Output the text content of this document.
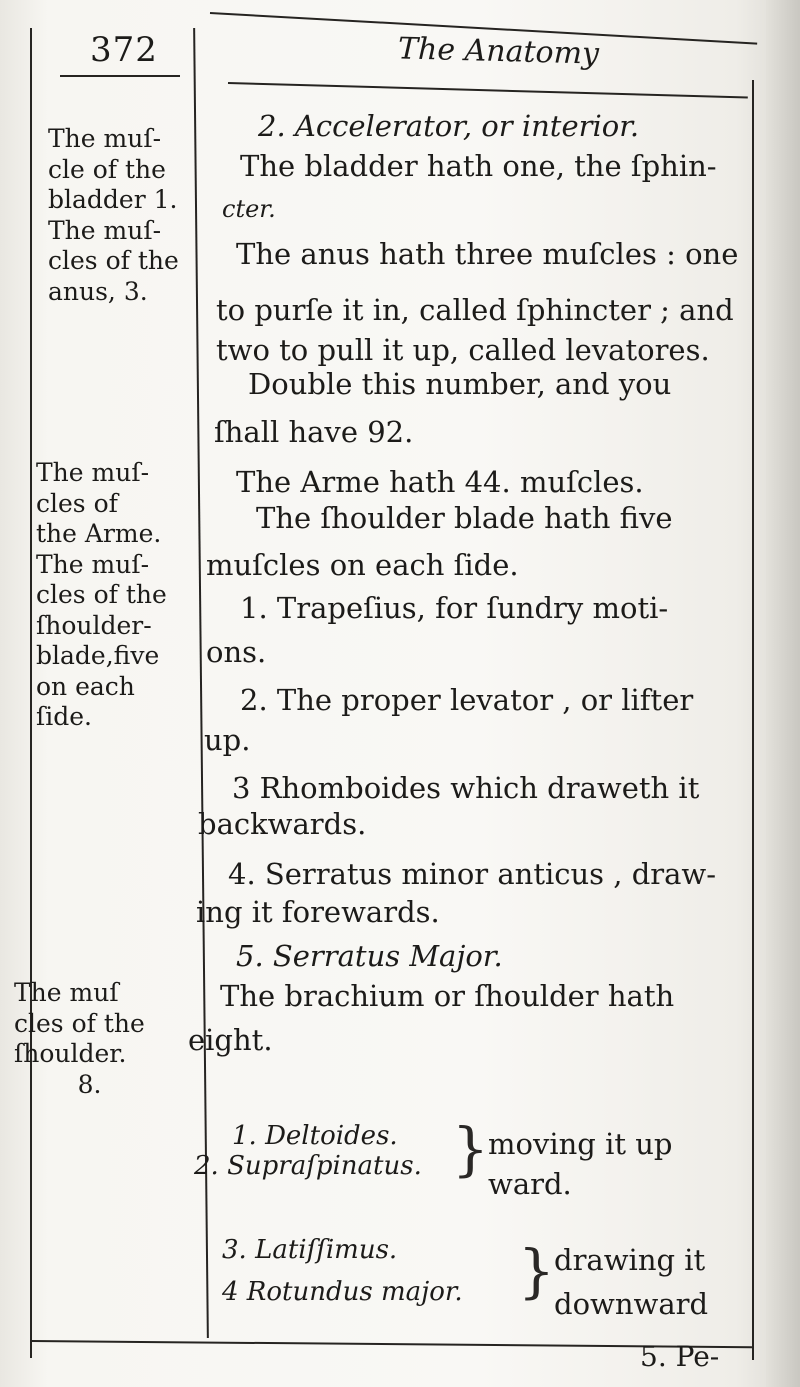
372	The Anatomy
The muſ-
cle of the
bladder 1.
The muſ-
cles of the
anus, 3.
The muſ-
cles of
the Arme.
The muſ-
cles of the
ſhoulder-
blade,five
on each
ſide.
The muſ
cles of the
ſhoulder.
8.
2. Accelerator, or interior.
The bladder hath one, the ſphin-
cter.
The anus hath three muſcles : one
to purſe it in, called ſphincter ; and
two to pull it up, called levatores.
Double this number, and you
ſhall have 92.
The Arme hath 44. muſcles.
The ſhoulder blade hath five
muſcles on each ſide.
1. Trapeſius, for ſundry moti-
ons.
2. The proper levator , or lifter
up.
3 Rhomboides which draweth it
backwards.
4. Serratus minor anticus , draw-
ing it forewards.
5. Serratus Major.
The brachium or ſhoulder hath
eight.
1. Deltoides.
2. Supraſpinatus. } moving it up
ward.
3. Latiſſimus.
4 Rotundus major. } drawing it
downward
5. Pe-
